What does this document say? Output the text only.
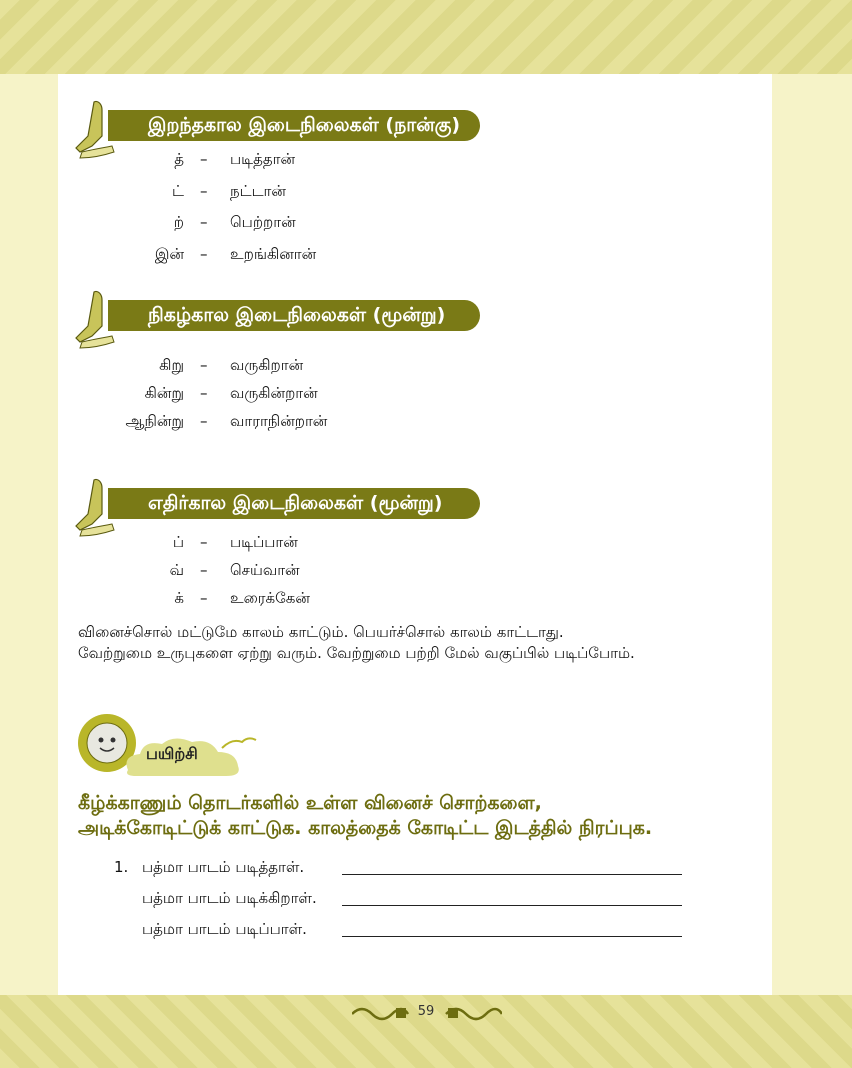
இறந்தகால இடைநிலைகள் (நான்கு)
த் – படித்தான்
ட் – நட்டான்
ற் – பெற்றான்
இன் – உறங்கினான்
நிகழ்கால இடைநிலைகள் (மூன்று)
கிறு – வருகிறான்
கின்று – வருகின்றான்
ஆநின்று – வாராநின்றான்
எதிர்கால இடைநிலைகள் (மூன்று)
ப் – படிப்பான்
வ் – செய்வான்
க் – உரைக்கேன்
வினைச்சொல் மட்டுமே காலம் காட்டும். பெயர்ச்சொல் காலம் காட்டாது.
வேற்றுமை உருபுகளை ஏற்று வரும். வேற்றுமை பற்றி மேல் வகுப்பில் படிப்போம்.
பயிற்சி
கீழ்க்காணும் தொடர்களில் உள்ள வினைச் சொற்களை,
அடிக்கோடிட்டுக் காட்டுக. காலத்தைக் கோடிட்ட இடத்தில் நிரப்புக.
1. பத்மா பாடம் படித்தாள்.
பத்மா பாடம் படிக்கிறாள்.
பத்மா பாடம் படிப்பாள்.
59
